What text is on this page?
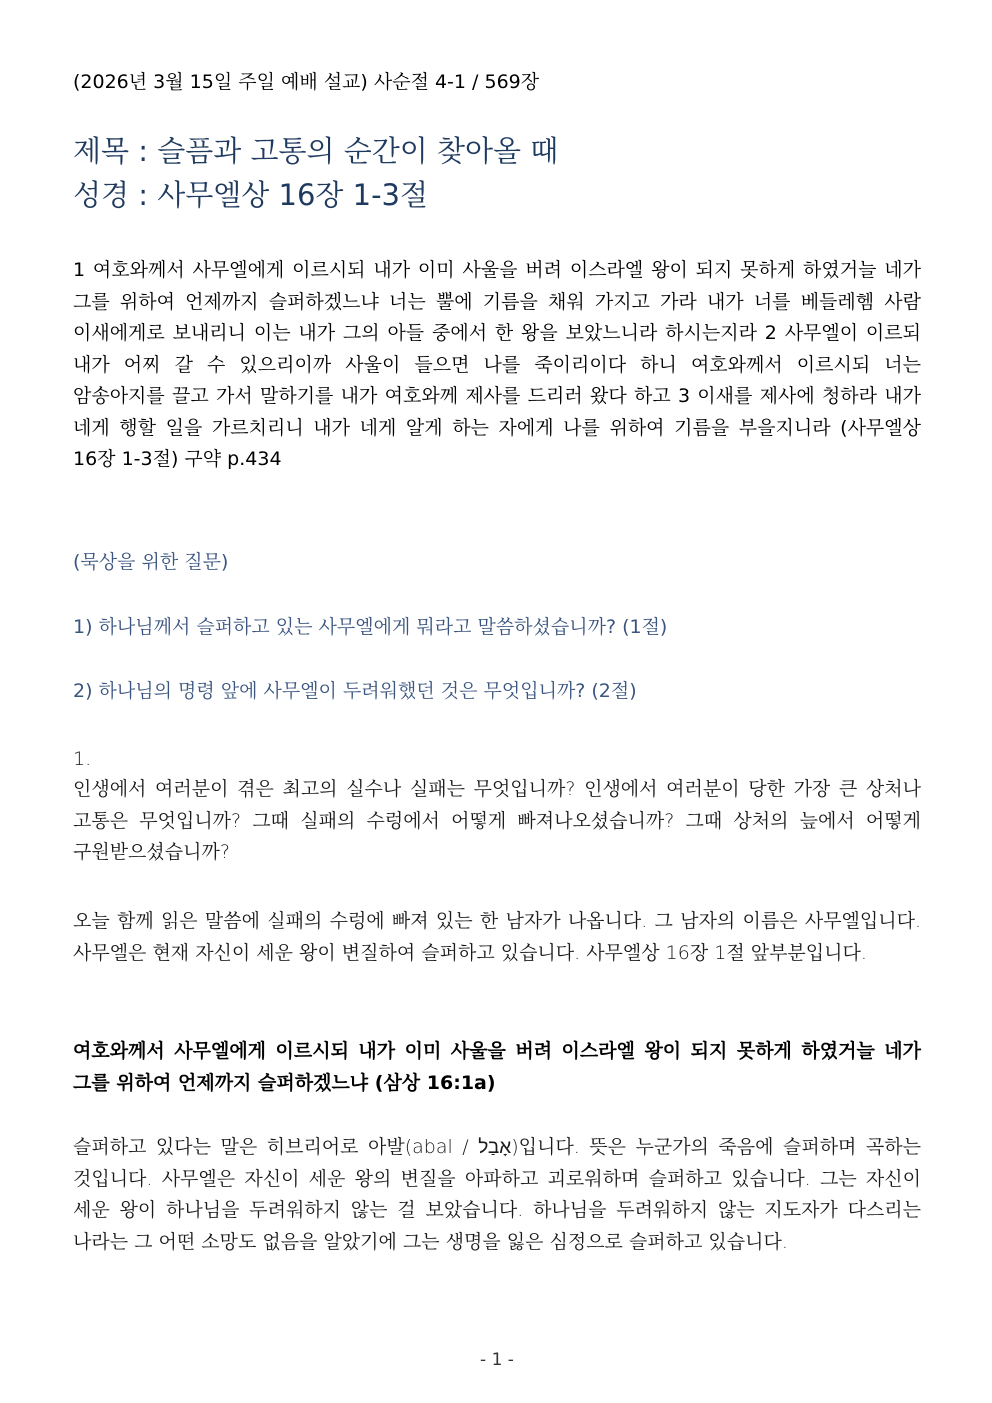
(2026년 3월 15일 주일 예배 설교) 사순절 4-1 / 569장
제목 : 슬픔과 고통의 순간이 찾아올 때
성경 : 사무엘상 16장 1-3절
1 여호와께서 사무엘에게 이르시되 내가 이미 사울을 버려 이스라엘 왕이 되지 못하게 하였거늘 네가 그를 위하여 언제까지 슬퍼하겠느냐 너는 뿔에 기름을 채워 가지고 가라 내가 너를 베들레헴 사람 이새에게로 보내리니 이는 내가 그의 아들 중에서 한 왕을 보았느니라 하시는지라 2 사무엘이 이르되 내가 어찌 갈 수 있으리이까 사울이 들으면 나를 죽이리이다 하니 여호와께서 이르시되 너는 암송아지를 끌고 가서 말하기를 내가 여호와께 제사를 드리러 왔다 하고 3 이새를 제사에 청하라 내가 네게 행할 일을 가르치리니 내가 네게 알게 하는 자에게 나를 위하여 기름을 부을지니라 (사무엘상 16장 1-3절) 구약 p.434
(묵상을 위한 질문)
1) 하나님께서 슬퍼하고 있는 사무엘에게 뭐라고 말씀하셨습니까? (1절)
2) 하나님의 명령 앞에 사무엘이 두려워했던 것은 무엇입니까? (2절)
1.
인생에서 여러분이 겪은 최고의 실수나 실패는 무엇입니까? 인생에서 여러분이 당한 가장 큰 상처나 고통은 무엇입니까? 그때 실패의 수렁에서 어떻게 빠져나오셨습니까? 그때 상처의 늪에서 어떻게 구원받으셨습니까?
오늘 함께 읽은 말씀에 실패의 수렁에 빠져 있는 한 남자가 나옵니다. 그 남자의 이름은 사무엘입니다. 사무엘은 현재 자신이 세운 왕이 변질하여 슬퍼하고 있습니다. 사무엘상 16장 1절 앞부분입니다.
여호와께서 사무엘에게 이르시되 내가 이미 사울을 버려 이스라엘 왕이 되지 못하게 하였거늘 네가 그를 위하여 언제까지 슬퍼하겠느냐 (삼상 16:1a)
슬퍼하고 있다는 말은 히브리어로 아발(abal / אָבַל)입니다. 뜻은 누군가의 죽음에 슬퍼하며 곡하는 것입니다. 사무엘은 자신이 세운 왕의 변질을 아파하고 괴로워하며 슬퍼하고 있습니다. 그는 자신이 세운 왕이 하나님을 두려워하지 않는 걸 보았습니다. 하나님을 두려워하지 않는 지도자가 다스리는 나라는 그 어떤 소망도 없음을 알았기에 그는 생명을 잃은 심정으로 슬퍼하고 있습니다.
- 1 -
